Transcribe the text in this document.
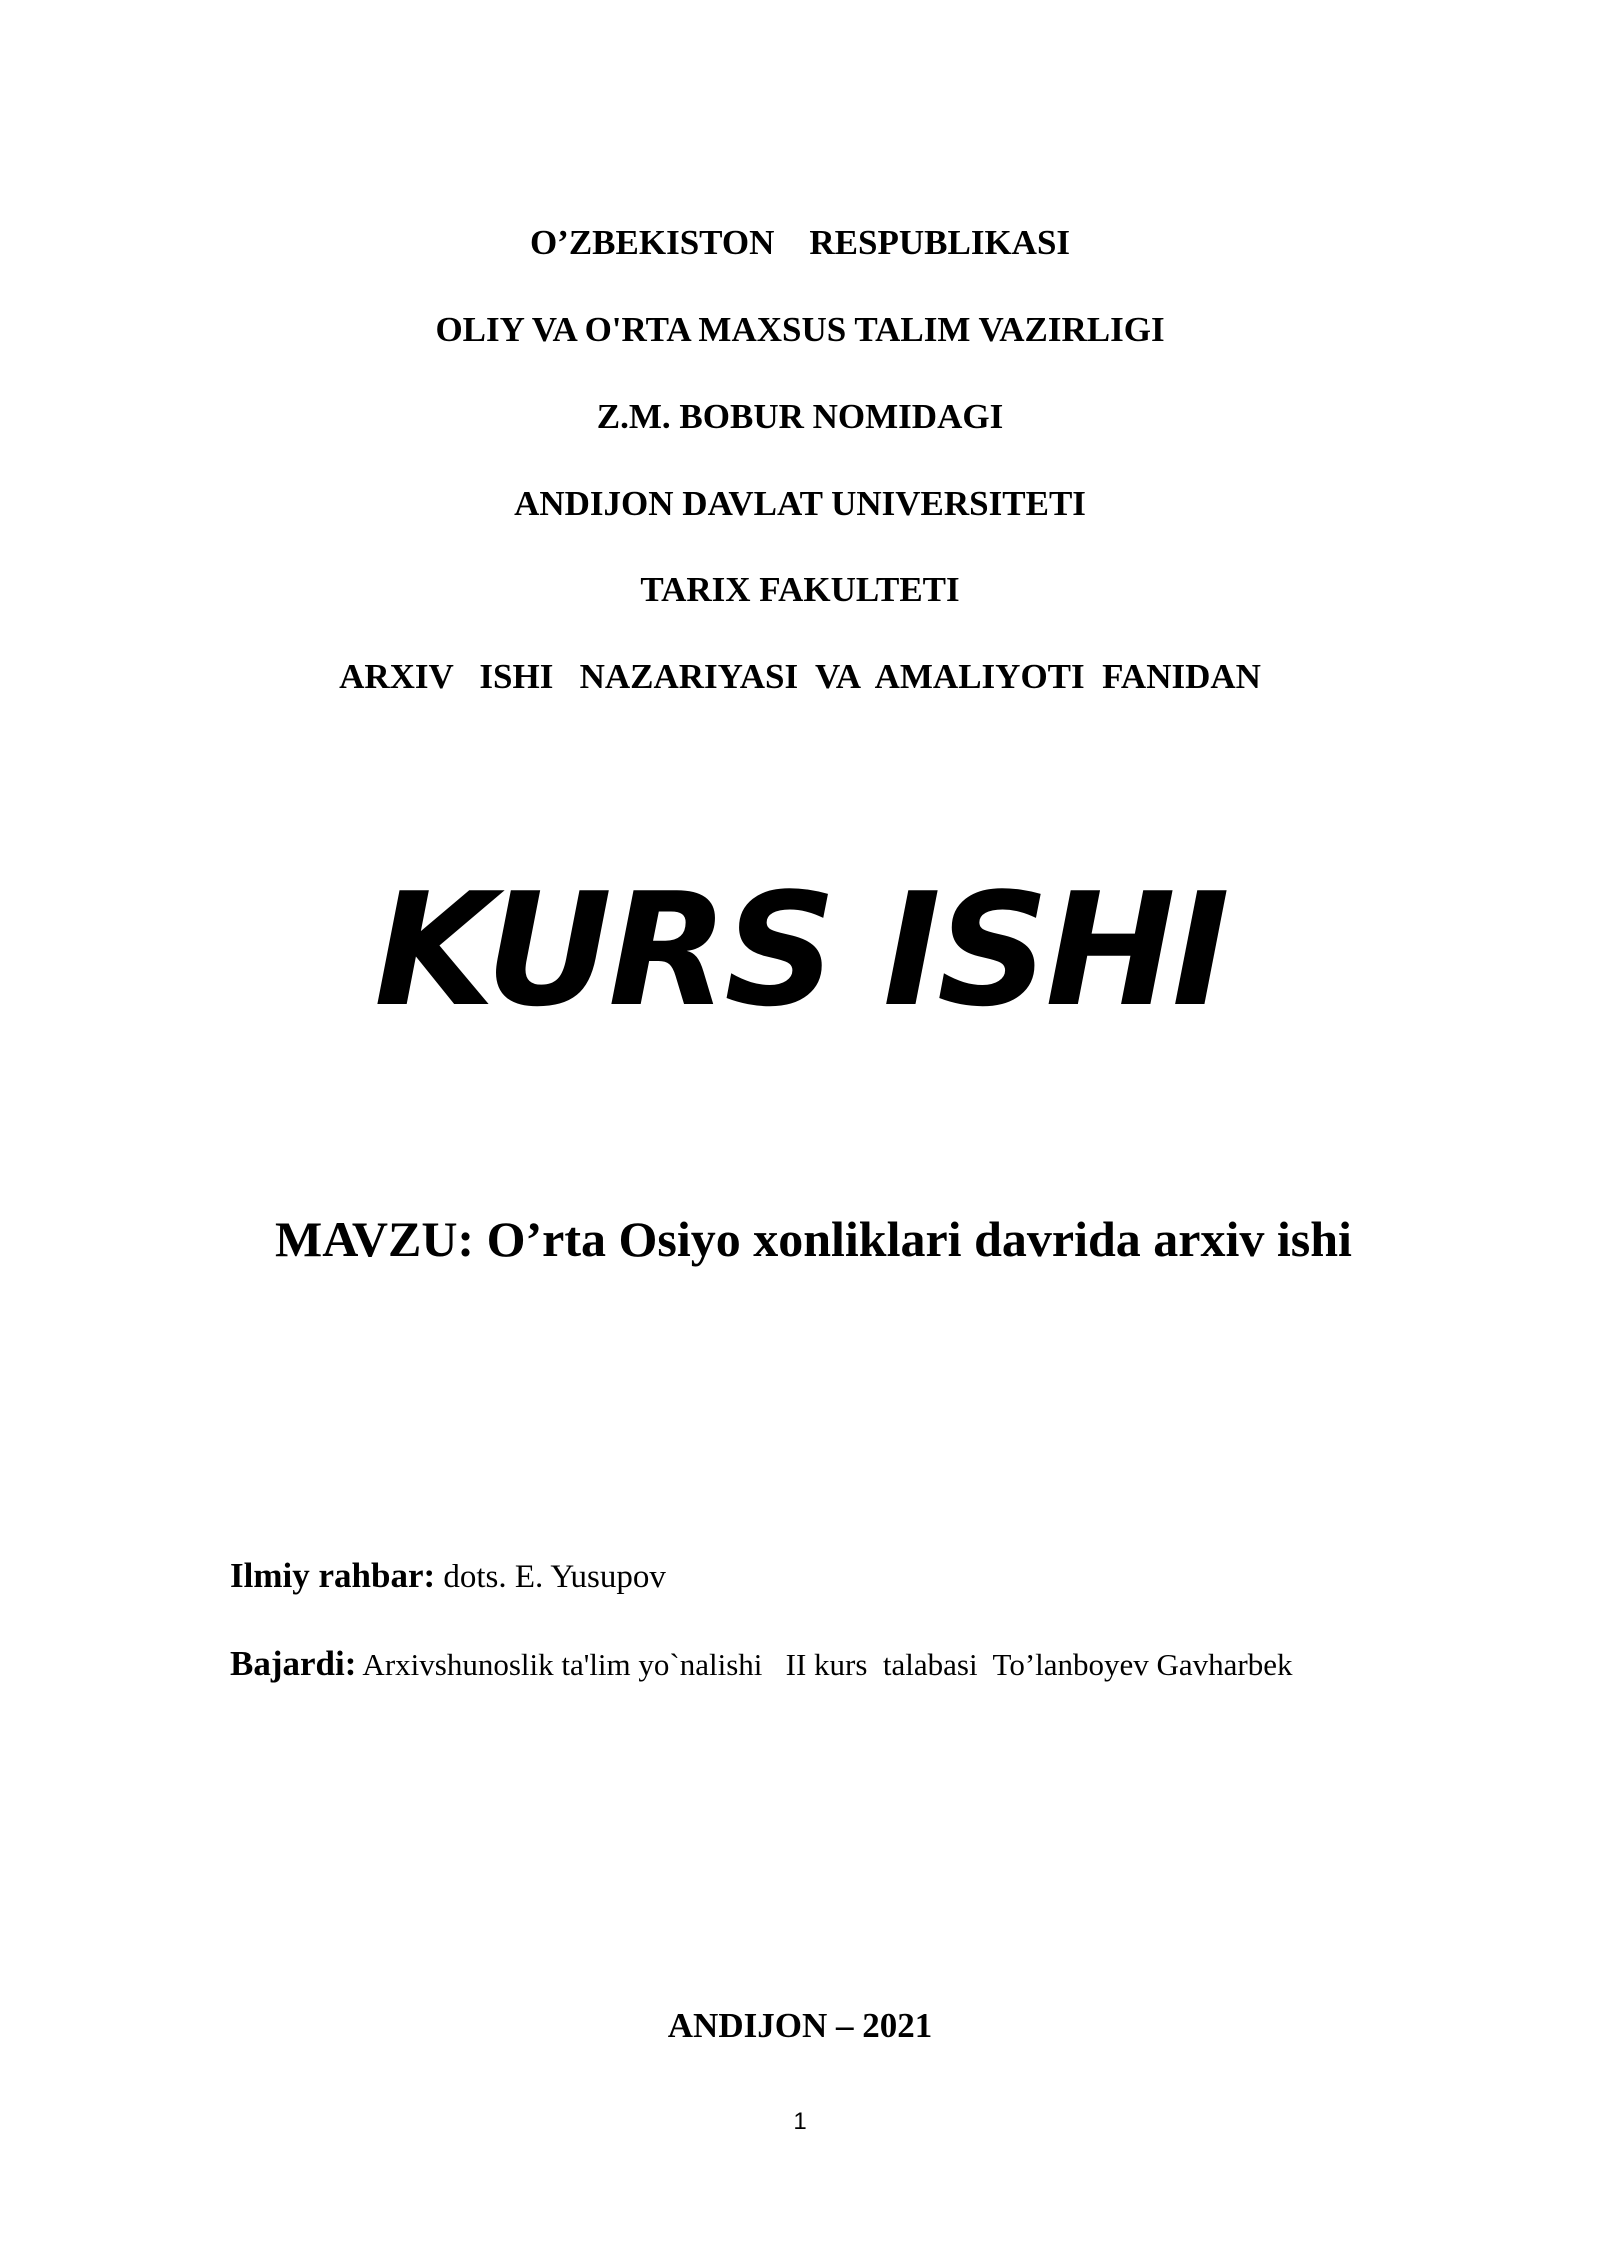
O’ZBEKISTON    RESPUBLIKASI
OLIY VA O'RTA MAXSUS TALIM VAZIRLIGI
Z.M. BOBUR NOMIDAGI
ANDIJON DAVLAT UNIVERSITETI
TARIX FAKULTETI
ARXIV   ISHI   NAZARIYASI  VA  AMALIYOTI  FANIDAN
KURS ISHI
MAVZU: O’rta Osiyo xonliklari davrida arxiv ishi
Ilmiy rahbar: dots. E. Yusupov
Bajardi: Arxivshunoslik ta'lim yo`nalishi   II kurs  talabasi  To’lanboyev Gavharbek
ANDIJON – 2021
1
